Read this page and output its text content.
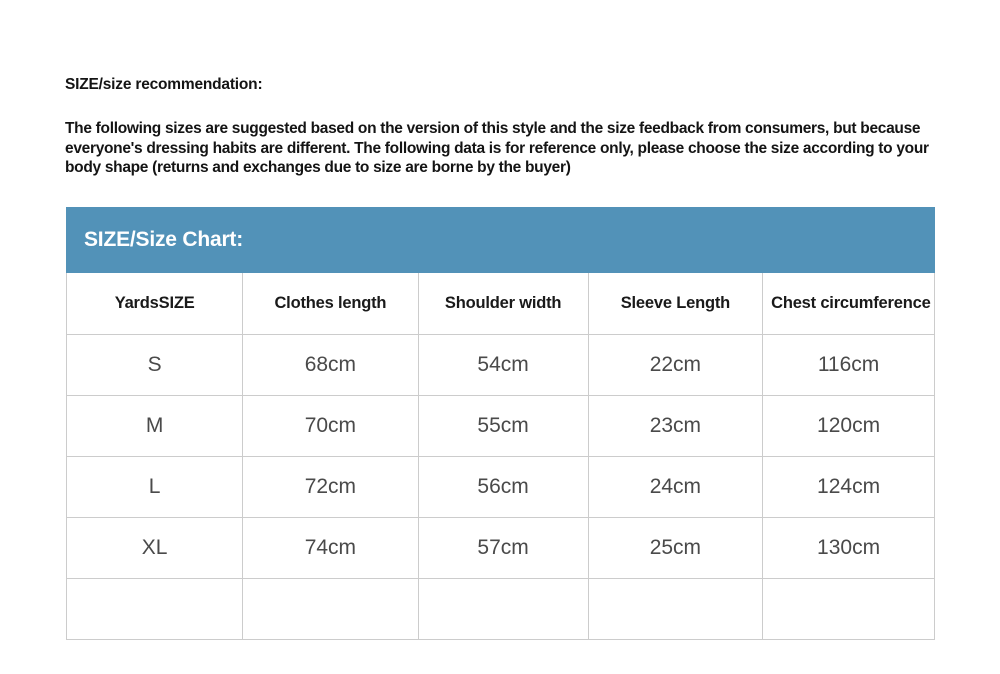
SIZE/size recommendation:

The following sizes are suggested based on the version of this style and the size feedback from consumers, but because everyone's dressing habits are different. The following data is for reference only, please choose the size according to your body shape (returns and exchanges due to size are borne by the buyer)

SIZE/Size Chart:
YardsSIZE	Clothes length	Shoulder width	Sleeve Length	Chest circumference
S	68cm	54cm	22cm	116cm
M	70cm	55cm	23cm	120cm
L	72cm	56cm	24cm	124cm
XL	74cm	57cm	25cm	130cm
